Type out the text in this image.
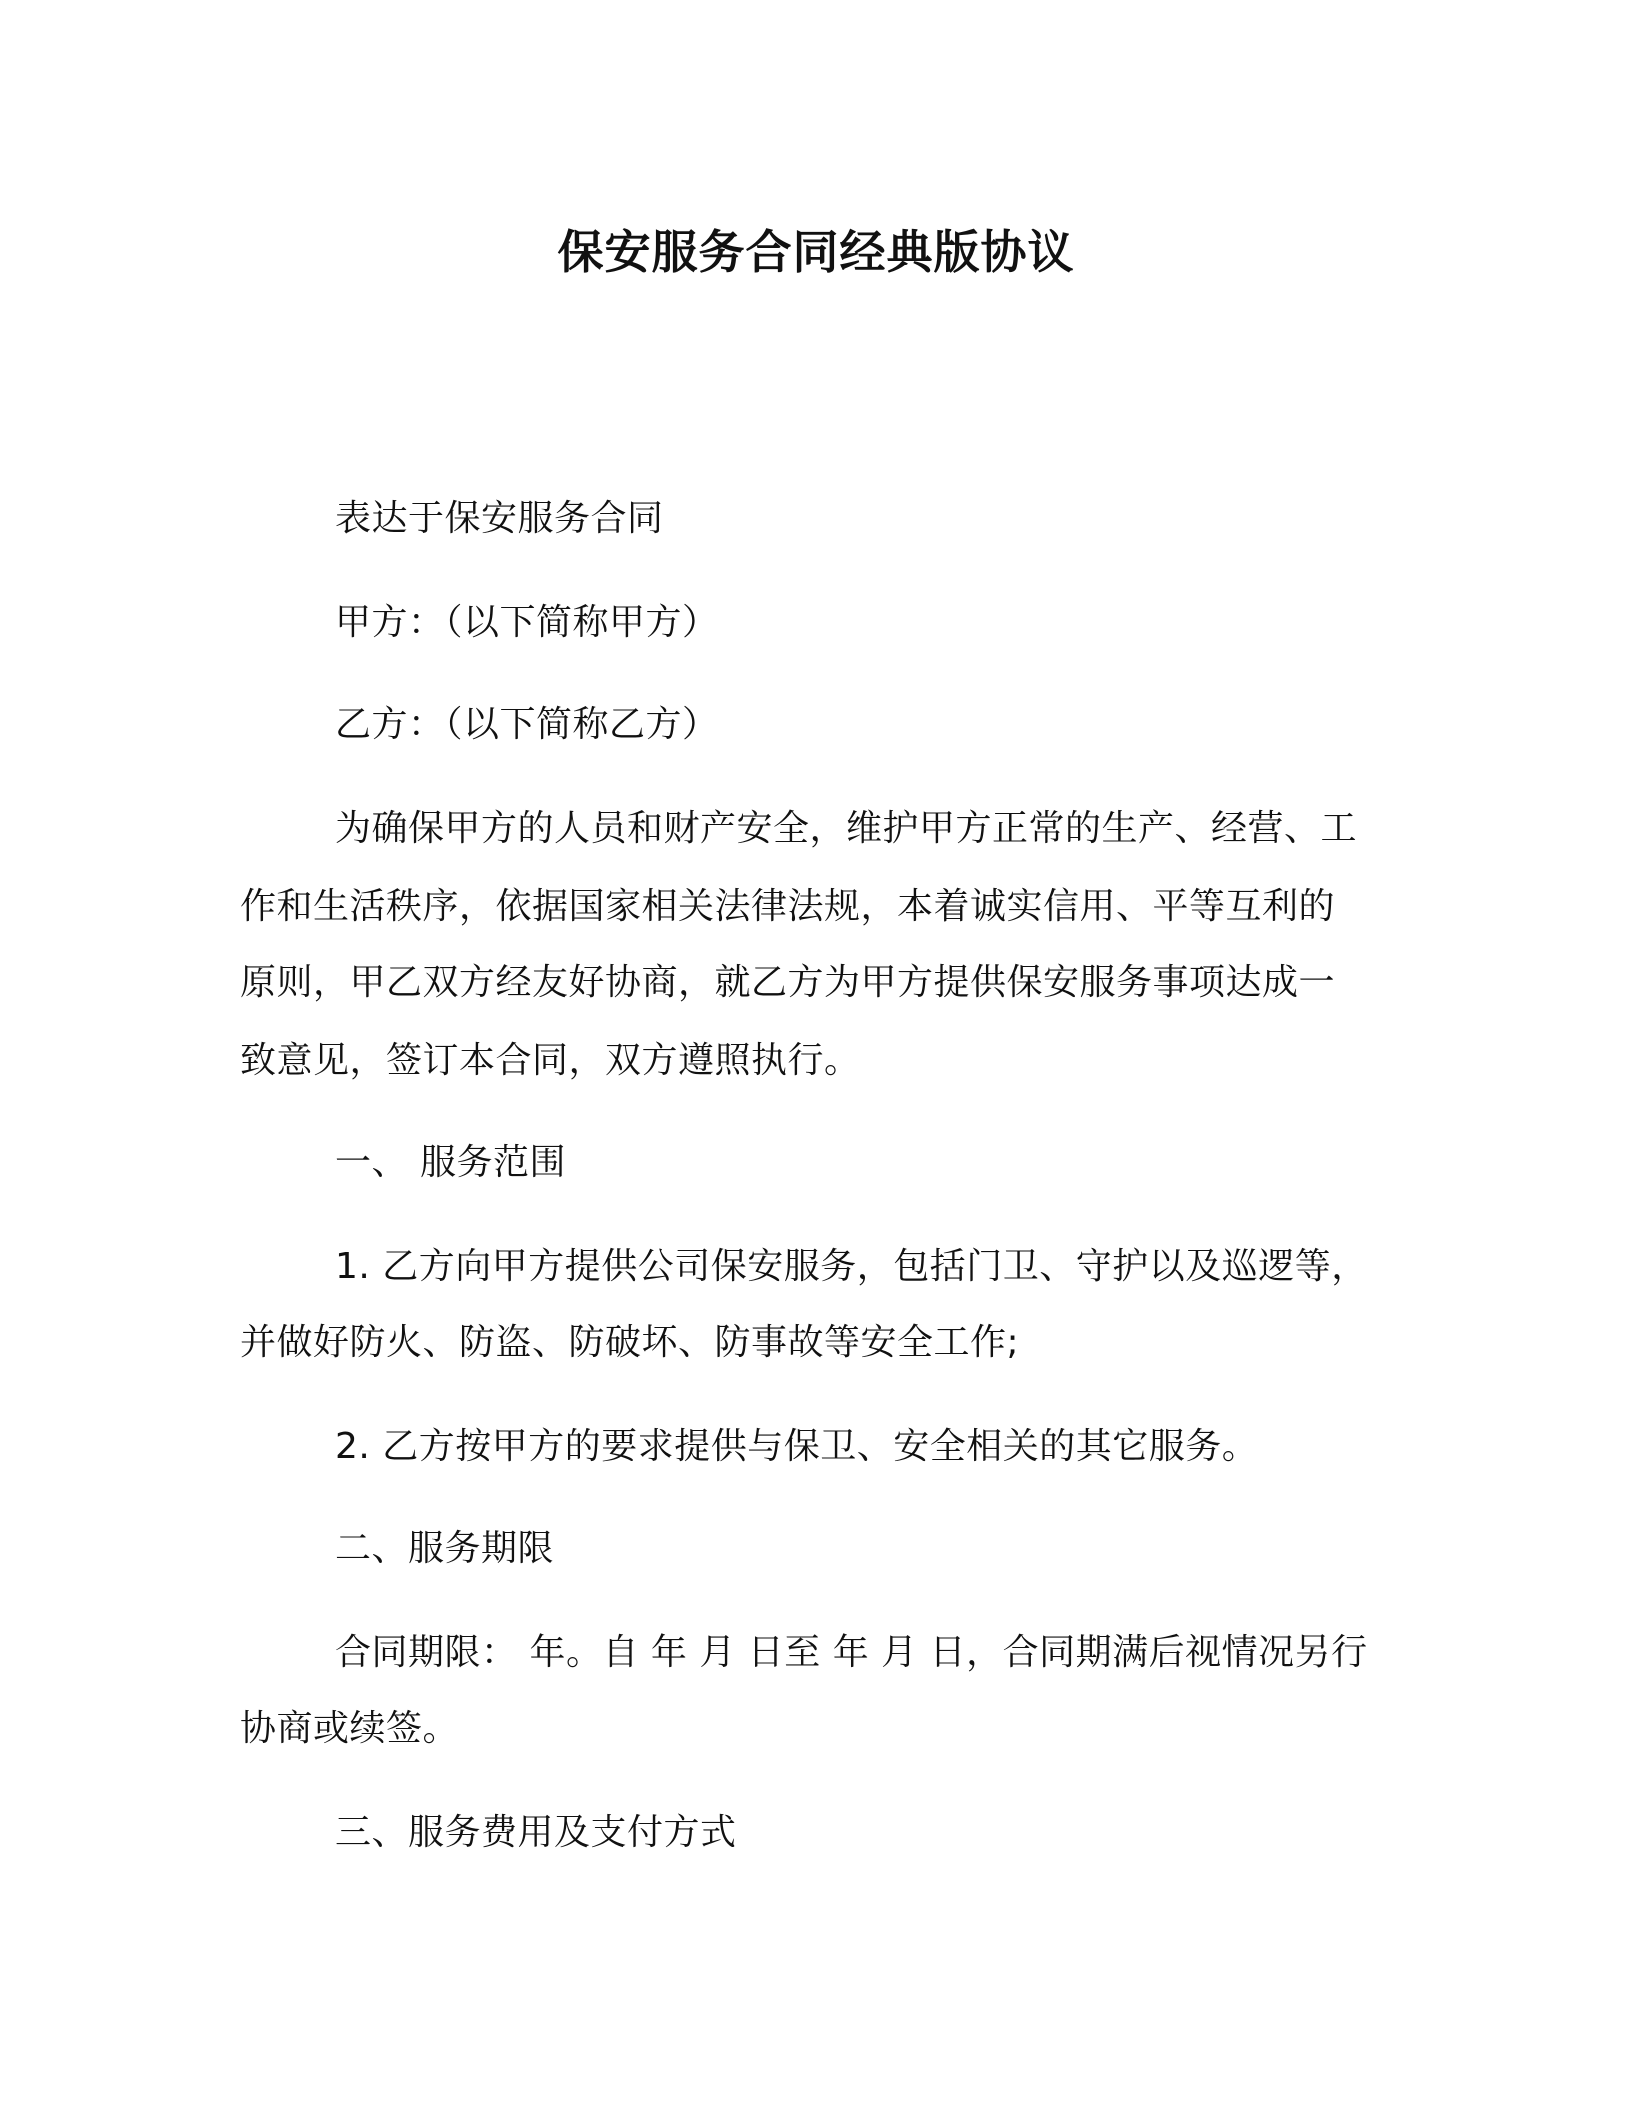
保安服务合同经典版协议
表达于保安服务合同
甲方：（以下简称甲方）
乙方：（以下简称乙方）
为确保甲方的人员和财产安全，维护甲方正常的生产、经营、工
作和生活秩序，依据国家相关法律法规，本着诚实信用、平等互利的
原则，甲乙双方经友好协商，就乙方为甲方提供保安服务事项达成一
致意见，签订本合同，双方遵照执行。
一、 服务范围
1. 乙方向甲方提供公司保安服务，包括门卫、守护以及巡逻等，
并做好防火、防盗、防破坏、防事故等安全工作;
2. 乙方按甲方的要求提供与保卫、安全相关的其它服务。
二、服务期限
合同期限： 年。自 年 月 日至 年 月 日，合同期满后视情况另行
协商或续签。
三、服务费用及支付方式
